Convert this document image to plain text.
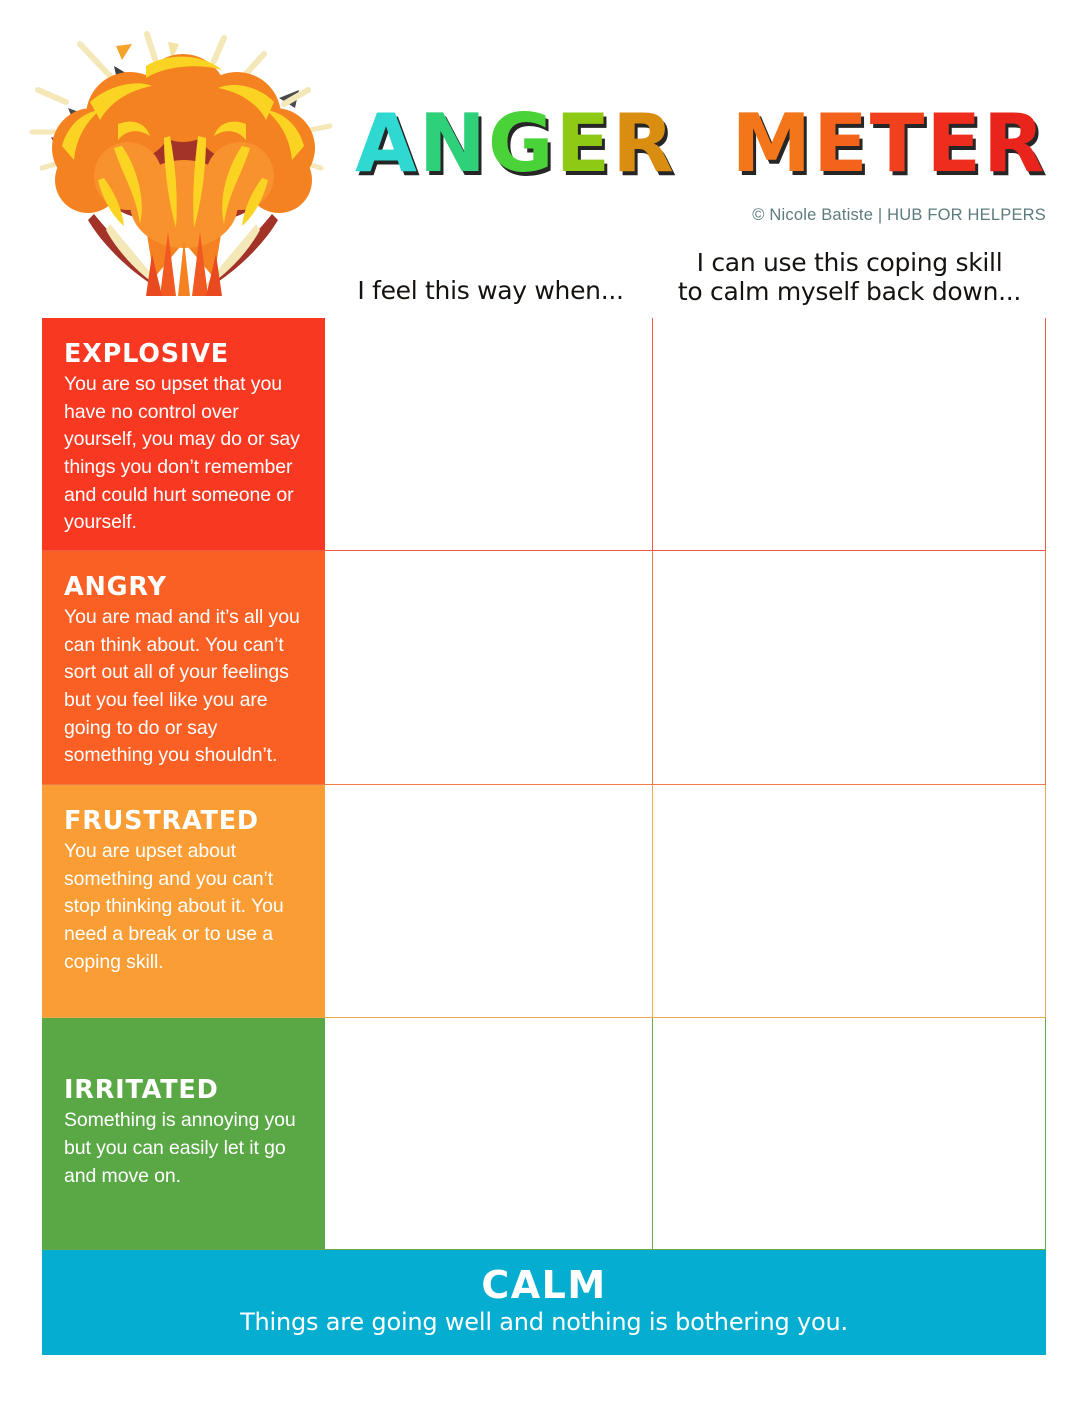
ANGER METER
© Nicole Batiste | HUB FOR HELPERS
I feel this way when...
I can use this coping skill
to calm myself back down...
EXPLOSIVE
You are so upset that you have no control over yourself, you may do or say things you don’t remember and could hurt someone or yourself.
ANGRY
You are mad and it’s all you can think about. You can’t sort out all of your feelings but you feel like you are going to do or say something you shouldn’t.
FRUSTRATED
You are upset about something and you can’t stop thinking about it. You need a break or to use a coping skill.
IRRITATED
Something is annoying you but you can easily let it go and move on.
CALM
Things are going well and nothing is bothering you.
